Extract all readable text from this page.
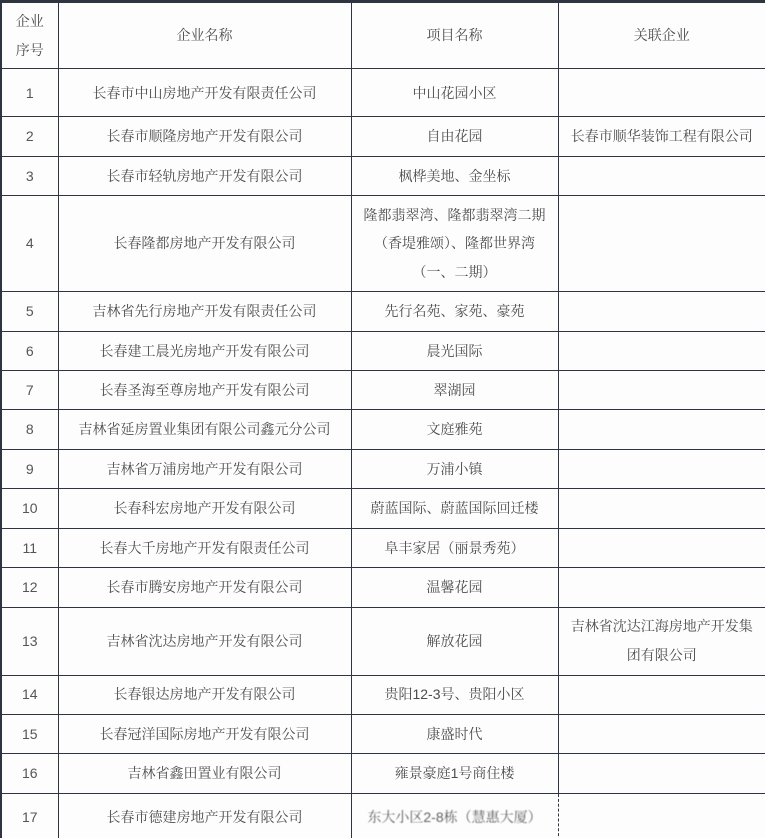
企业序号	企业名称	项目名称	关联企业
1	长春市中山房地产开发有限责任公司	中山花园小区	
2	长春市顺隆房地产开发有限公司	自由花园	长春市顺华装饰工程有限公司
3	长春市轻轨房地产开发有限公司	枫桦美地、金坐标	
4	长春隆都房地产开发有限公司	隆都翡翠湾、隆都翡翠湾二期（香堤雅颂）、隆都世界湾（一、二期）	
5	吉林省先行房地产开发有限责任公司	先行名苑、家苑、豪苑	
6	长春建工晨光房地产开发有限公司	晨光国际	
7	长春圣海至尊房地产开发有限公司	翠湖园	
8	吉林省延房置业集团有限公司鑫元分公司	文庭雅苑	
9	吉林省万浦房地产开发有限公司	万浦小镇	
10	长春科宏房地产开发有限公司	蔚蓝国际、蔚蓝国际回迁楼	
11	长春大千房地产开发有限责任公司	阜丰家居（丽景秀苑）	
12	长春市腾安房地产开发有限公司	温馨花园	
13	吉林省沈达房地产开发有限公司	解放花园	吉林省沈达江海房地产开发集团有限公司
14	长春银达房地产开发有限公司	贵阳12-3号、贵阳小区	
15	长春冠洋国际房地产开发有限公司	康盛时代	
16	吉林省鑫田置业有限公司	雍景豪庭1号商住楼	
17	长春市德建房地产开发有限公司	东大小区2-8栋（慧惠大厦）	
